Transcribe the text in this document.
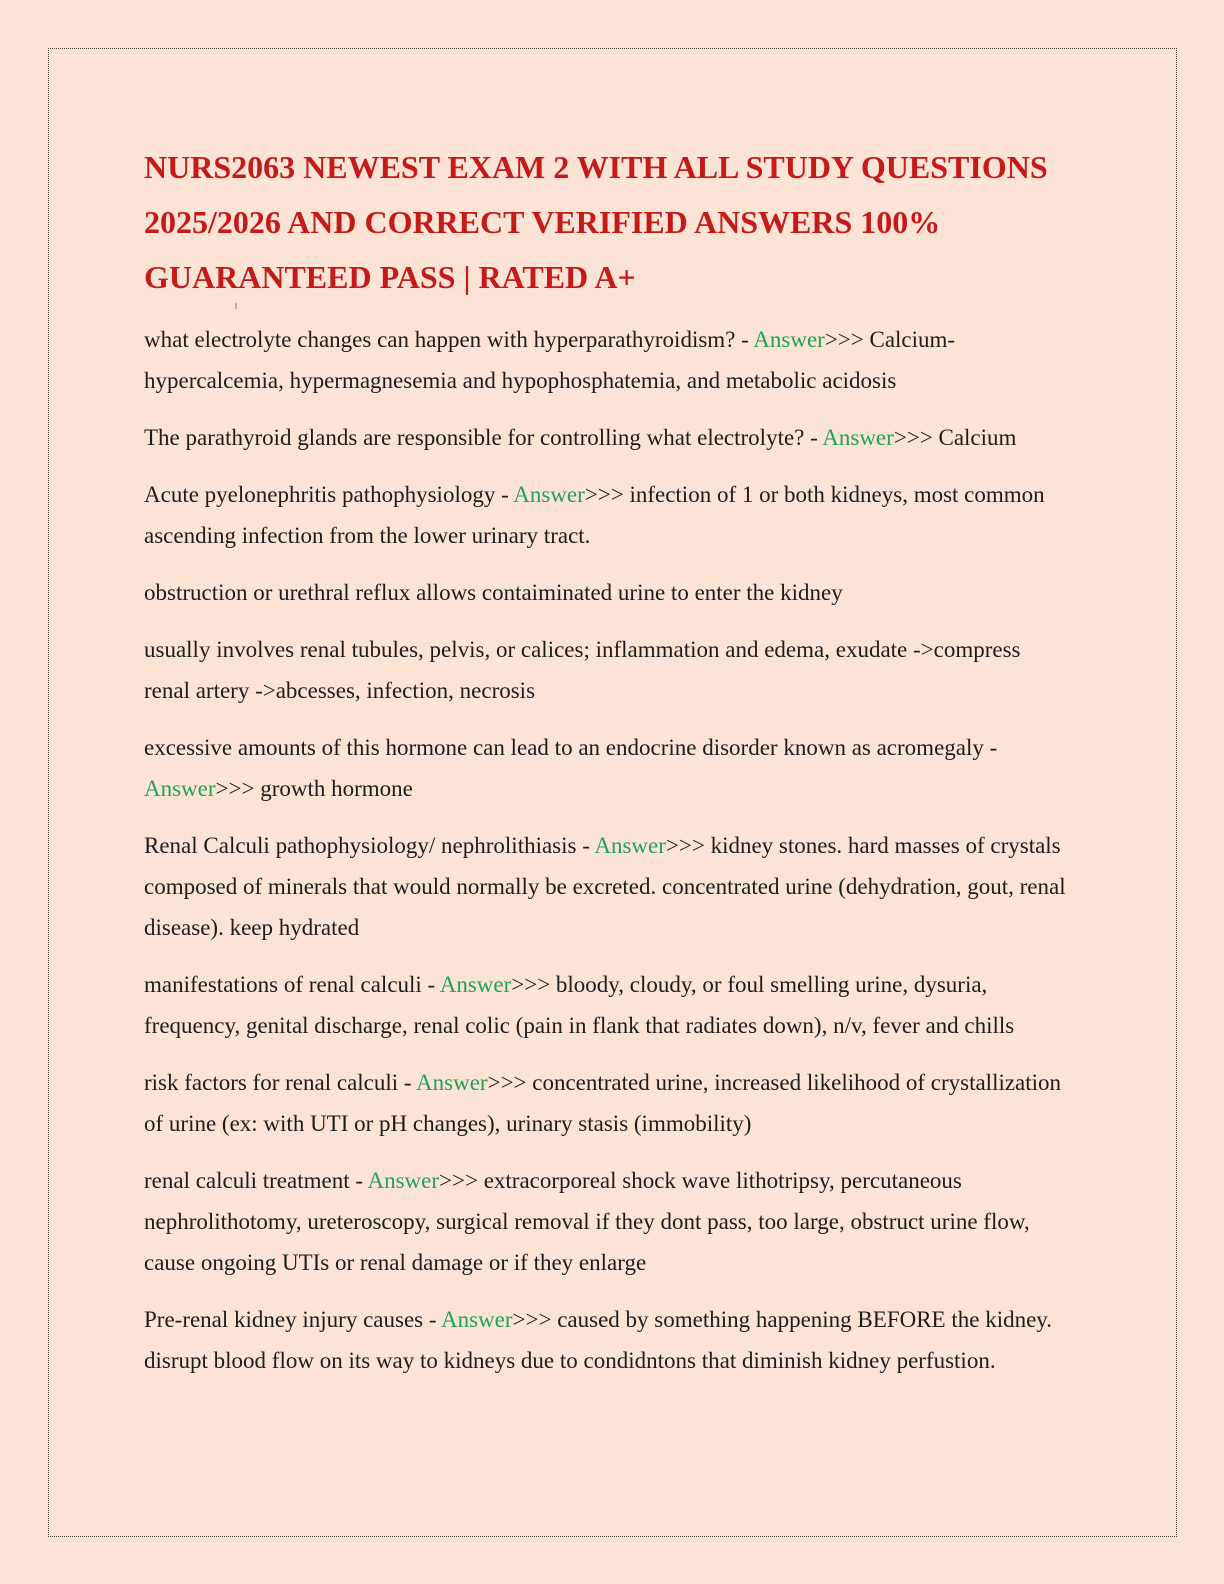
NURS2063 NEWEST EXAM 2 WITH ALL STUDY QUESTIONS
2025/2026 AND CORRECT VERIFIED ANSWERS 100%
GUARANTEED PASS | RATED A+

what electrolyte changes can happen with hyperparathyroidism? - Answer>>> Calcium-hypercalcemia, hypermagnesemia and hypophosphatemia, and metabolic acidosis

The parathyroid glands are responsible for controlling what electrolyte? - Answer>>> Calcium

Acute pyelonephritis pathophysiology - Answer>>> infection of 1 or both kidneys, most common ascending infection from the lower urinary tract.

obstruction or urethral reflux allows contaiminated urine to enter the kidney

usually involves renal tubules, pelvis, or calices; inflammation and edema, exudate ->compress renal artery ->abcesses, infection, necrosis

excessive amounts of this hormone can lead to an endocrine disorder known as acromegaly - Answer>>> growth hormone

Renal Calculi pathophysiology/ nephrolithiasis - Answer>>> kidney stones. hard masses of crystals composed of minerals that would normally be excreted. concentrated urine (dehydration, gout, renal disease). keep hydrated

manifestations of renal calculi - Answer>>> bloody, cloudy, or foul smelling urine, dysuria, frequency, genital discharge, renal colic (pain in flank that radiates down), n/v, fever and chills

risk factors for renal calculi - Answer>>> concentrated urine, increased likelihood of crystallization of urine (ex: with UTI or pH changes), urinary stasis (immobility)

renal calculi treatment - Answer>>> extracorporeal shock wave lithotripsy, percutaneous nephrolithotomy, ureteroscopy, surgical removal if they dont pass, too large, obstruct urine flow, cause ongoing UTIs or renal damage or if they enlarge

Pre-renal kidney injury causes - Answer>>> caused by something happening BEFORE the kidney. disrupt blood flow on its way to kidneys due to condidntons that diminish kidney perfustion.
